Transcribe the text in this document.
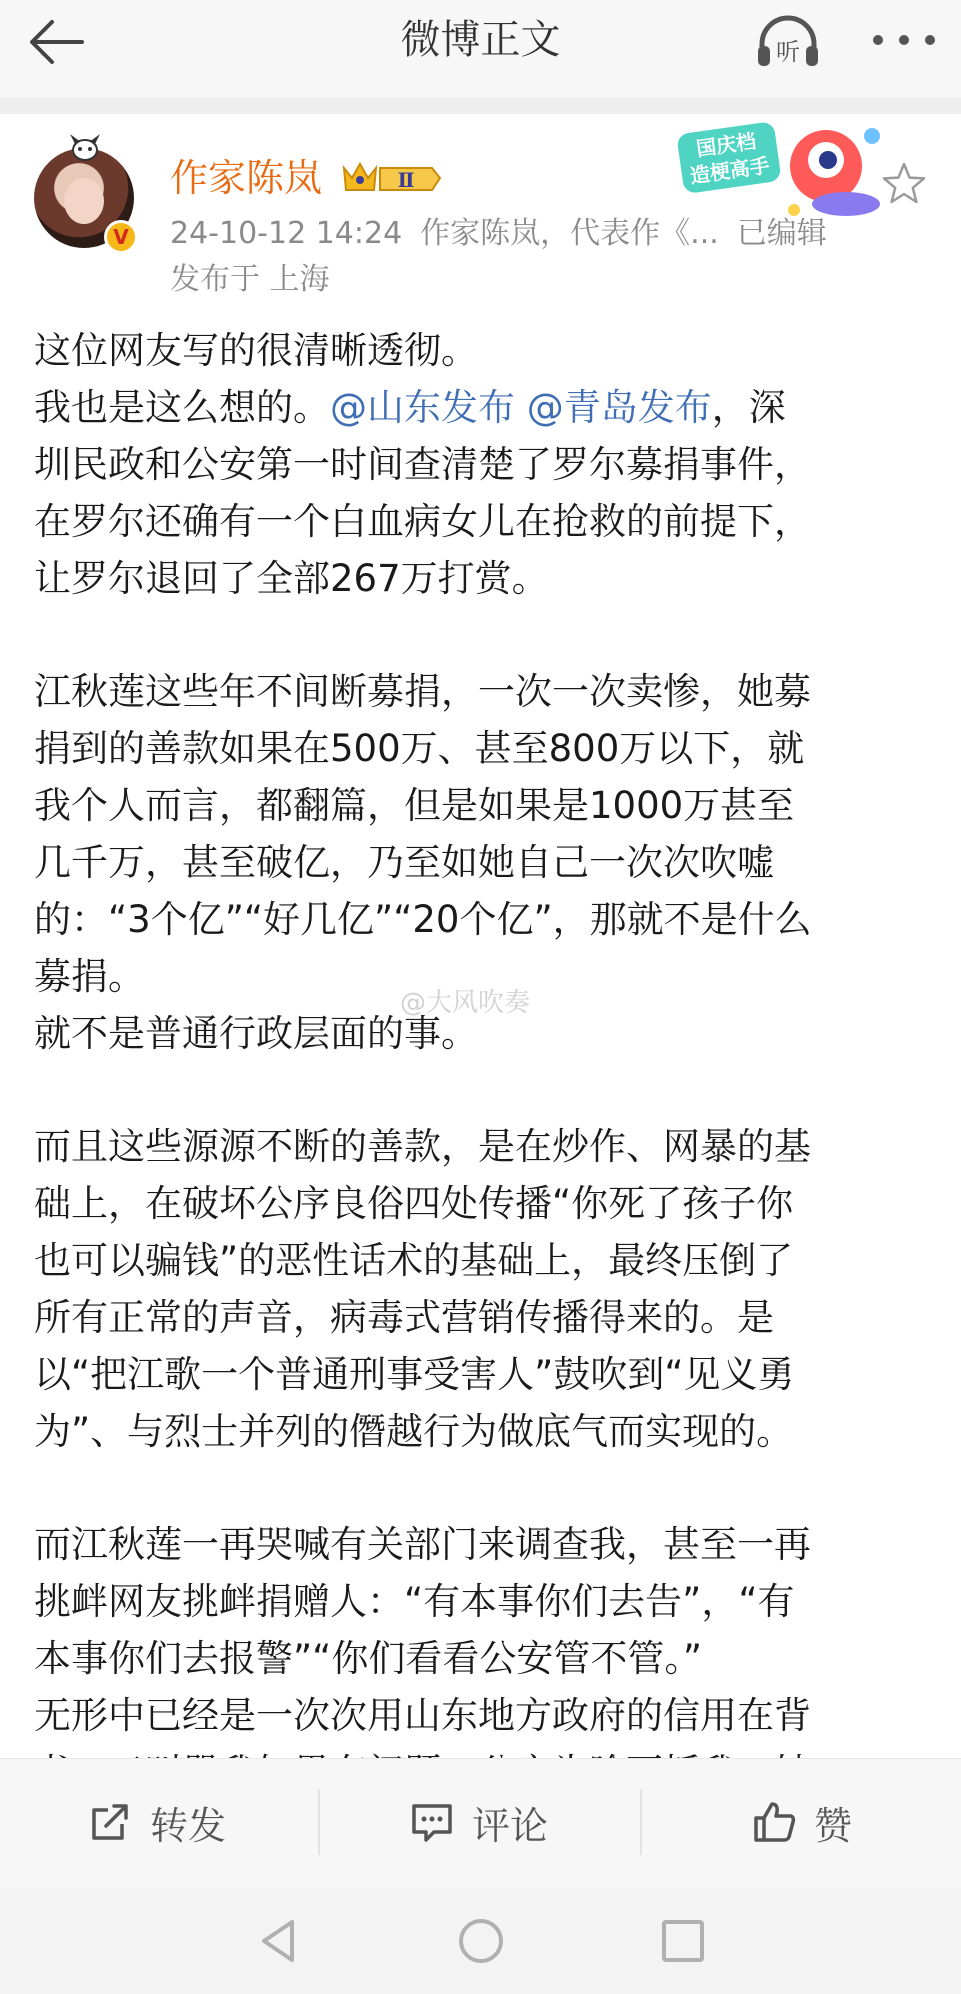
微博正文	听
V
作家陈岚	Ⅱ
国庆档
造梗高手
24-10-12 14:24 作家陈岚，代表作《... 已编辑
发布于 上海

这位网友写的很清晰透彻。

我也是这么想的。@山东发布 @青岛发布，深

圳民政和公安第一时间查清楚了罗尔募捐事件，

在罗尔还确有一个白血病女儿在抢救的前提下，

让罗尔退回了全部267万打赏。

江秋莲这些年不间断募捐，一次一次卖惨，她募

捐到的善款如果在500万、甚至800万以下，就

我个人而言，都翻篇，但是如果是1000万甚至

几千万，甚至破亿，乃至如她自己一次次吹嘘

的：“3个亿”“好几亿”“20个亿”，那就不是什么

募捐。

就不是普通行政层面的事。

而且这些源源不断的善款，是在炒作、网暴的基

础上，在破坏公序良俗四处传播“你死了孩子你

也可以骗钱”的恶性话术的基础上，最终压倒了

所有正常的声音，病毒式营销传播得来的。是

以“把江歌一个普通刑事受害人”鼓吹到“见义勇

为”、与烈士并列的僭越行为做底气而实现的。

而江秋莲一再哭喊有关部门来调查我，甚至一再

挑衅网友挑衅捐赠人：“有本事你们去告”，“有

本事你们去报警”“你们看看公安管不管。”

无形中已经是一次次用山东地方政府的信用在背

@大风吹奏
转发	评论	赞
